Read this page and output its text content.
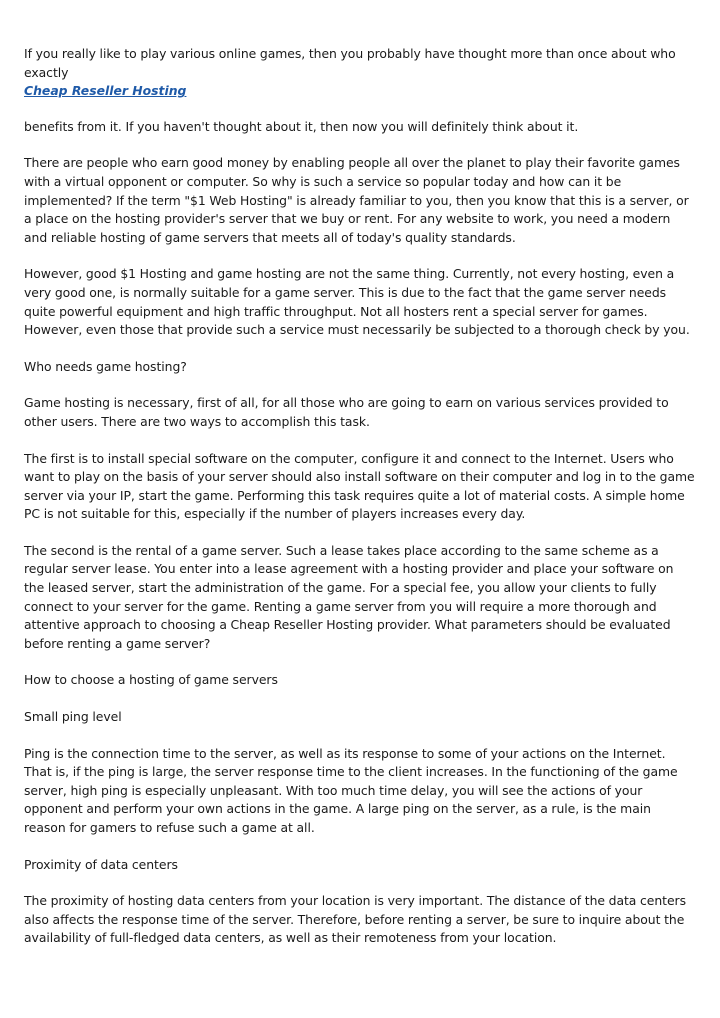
If you really like to play various online games, then you probably have thought more than once about who exactly

Cheap Reseller Hosting

benefits from it. If you haven't thought about it, then now you will definitely think about it.

There are people who earn good money by enabling people all over the planet to play their favorite games with a virtual opponent or computer. So why is such a service so popular today and how can it be implemented? If the term "$1 Web Hosting" is already familiar to you, then you know that this is a server, or a place on the hosting provider's server that we buy or rent. For any website to work, you need a modern and reliable hosting of game servers that meets all of today's quality standards.

However, good $1 Hosting and game hosting are not the same thing. Currently, not every hosting, even a very good one, is normally suitable for a game server. This is due to the fact that the game server needs quite powerful equipment and high traffic throughput. Not all hosters rent a special server for games. However, even those that provide such a service must necessarily be subjected to a thorough check by you.

Who needs game hosting?

Game hosting is necessary, first of all, for all those who are going to earn on various services provided to other users. There are two ways to accomplish this task.

The first is to install special software on the computer, configure it and connect to the Internet. Users who want to play on the basis of your server should also install software on their computer and log in to the game server via your IP, start the game. Performing this task requires quite a lot of material costs. A simple home PC is not suitable for this, especially if the number of players increases every day.

The second is the rental of a game server. Such a lease takes place according to the same scheme as a regular server lease. You enter into a lease agreement with a hosting provider and place your software on the leased server, start the administration of the game. For a special fee, you allow your clients to fully connect to your server for the game. Renting a game server from you will require a more thorough and attentive approach to choosing a Cheap Reseller Hosting provider. What parameters should be evaluated before renting a game server?

How to choose a hosting of game servers

Small ping level

Ping is the connection time to the server, as well as its response to some of your actions on the Internet. That is, if the ping is large, the server response time to the client increases. In the functioning of the game server, high ping is especially unpleasant. With too much time delay, you will see the actions of your opponent and perform your own actions in the game. A large ping on the server, as a rule, is the main reason for gamers to refuse such a game at all.

Proximity of data centers

The proximity of hosting data centers from your location is very important. The distance of the data centers also affects the response time of the server. Therefore, before renting a server, be sure to inquire about the availability of full-fledged data centers, as well as their remoteness from your location.
